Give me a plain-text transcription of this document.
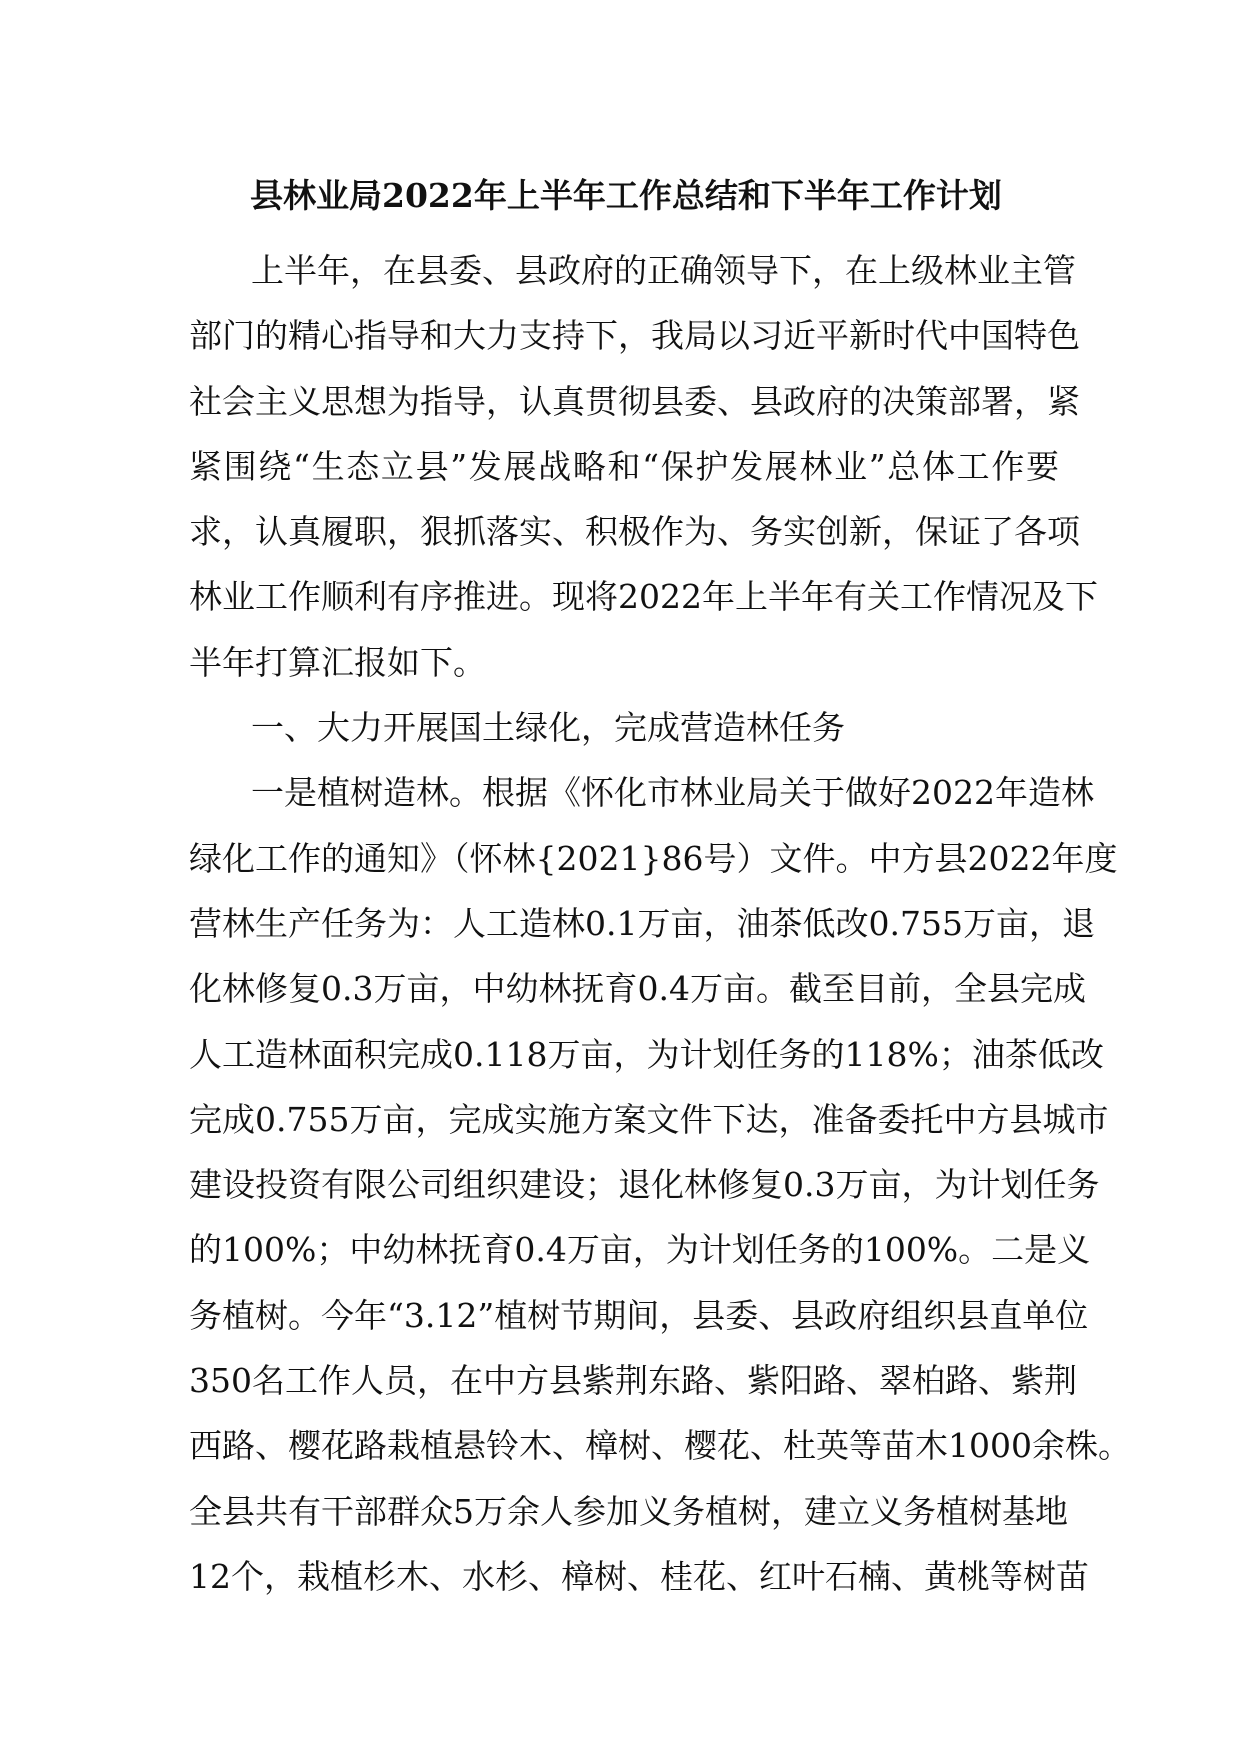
县林业局2022年上半年工作总结和下半年工作计划
上半年，在县委、县政府的正确领导下，在上级林业主管
部门的精心指导和大力支持下，我局以习近平新时代中国特色
社会主义思想为指导，认真贯彻县委、县政府的决策部署，紧
紧围绕“生态立县”发展战略和“保护发展林业”总体工作要
求，认真履职，狠抓落实、积极作为、务实创新，保证了各项
林业工作顺利有序推进。现将2022年上半年有关工作情况及下
半年打算汇报如下。
一、大力开展国土绿化，完成营造林任务
一是植树造林。根据《怀化市林业局关于做好2022年造林
绿化工作的通知》（怀林{2021}86号）文件。中方县2022年度
营林生产任务为：人工造林0.1万亩，油茶低改0.755万亩，退
化林修复0.3万亩，中幼林抚育0.4万亩。截至目前，全县完成
人工造林面积完成0.118万亩，为计划任务的118%；油茶低改
完成0.755万亩，完成实施方案文件下达，准备委托中方县城市
建设投资有限公司组织建设；退化林修复0.3万亩，为计划任务
的100%；中幼林抚育0.4万亩，为计划任务的100%。二是义
务植树。今年“3.12”植树节期间，县委、县政府组织县直单位
350名工作人员，在中方县紫荆东路、紫阳路、翠柏路、紫荆
西路、樱花路栽植悬铃木、樟树、樱花、杜英等苗木1000余株。
全县共有干部群众5万余人参加义务植树，建立义务植树基地
12个，栽植杉木、水杉、樟树、桂花、红叶石楠、黄桃等树苗
